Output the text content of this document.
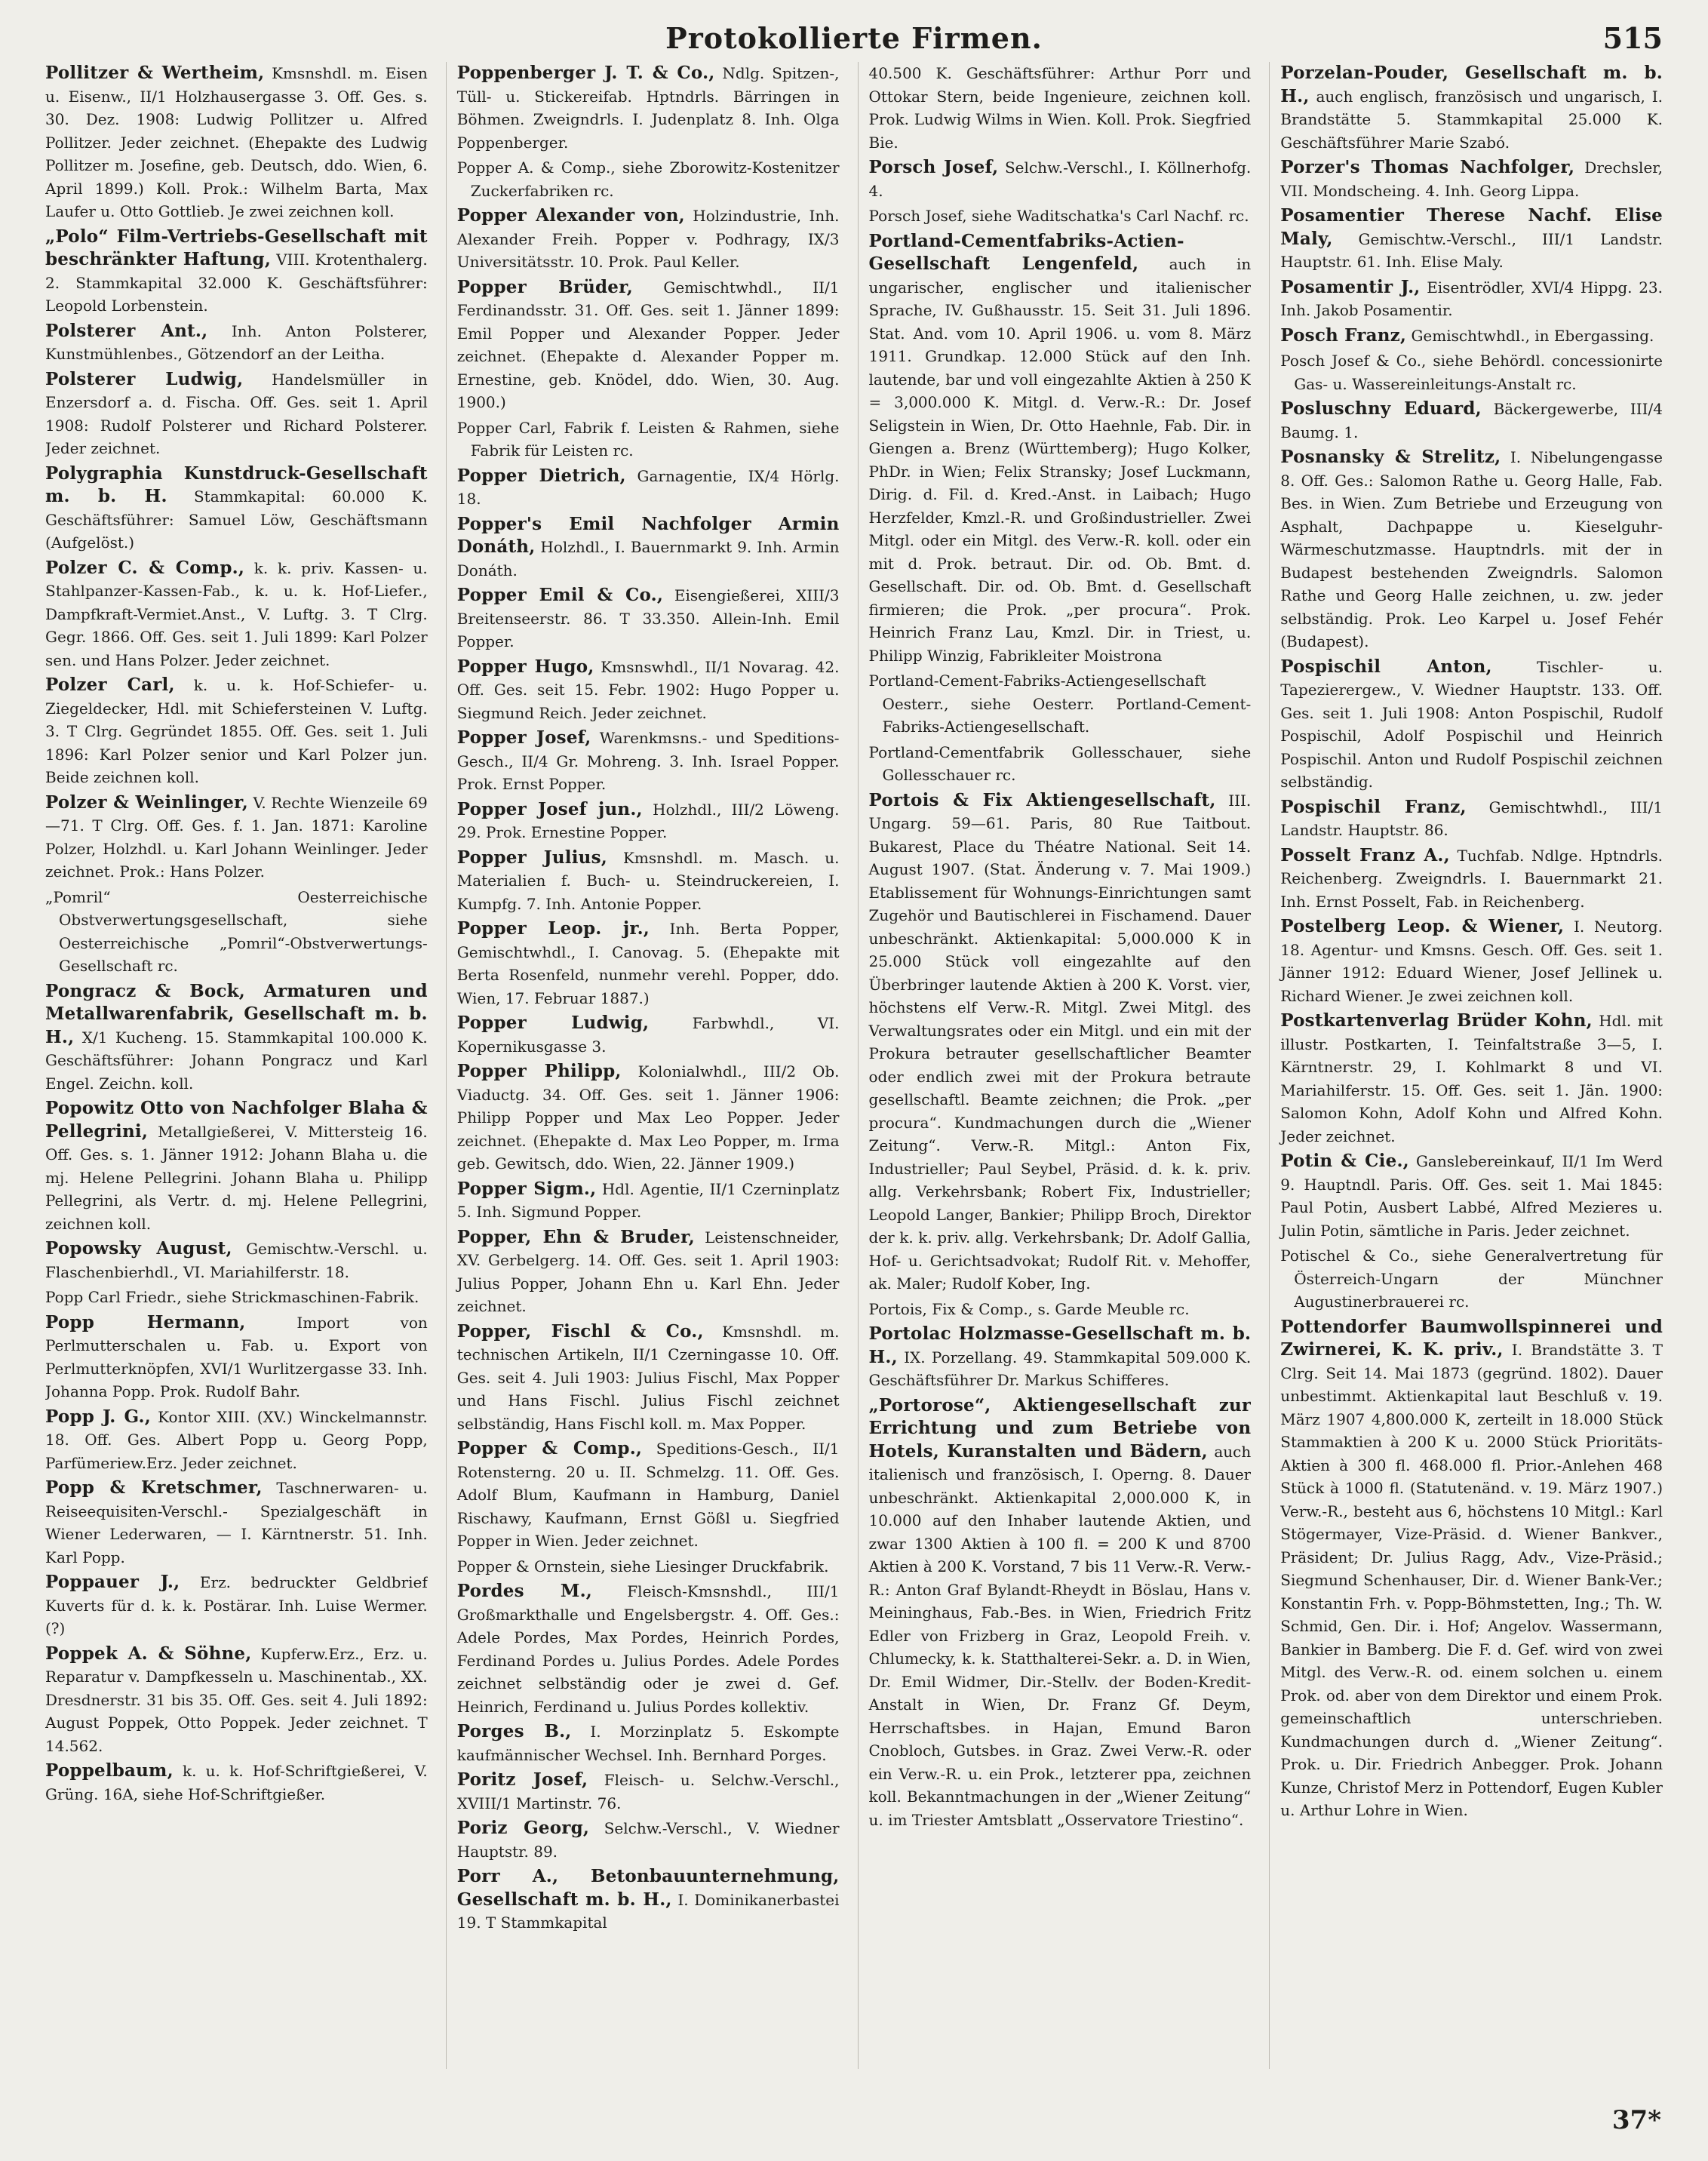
Protokollierte Firmen.	515

Pollitzer & Wertheim, Kmsnshdl. m. Eisen u. Eisenw., II/1 Holzhausergasse 3. Off. Ges. s. 30. Dez. 1908: Ludwig Pollitzer u. Alfred Pollitzer. Jeder zeichnet. (Ehepakte des Ludwig Pollitzer m. Josefine, geb. Deutsch, ddo. Wien, 6. April 1899.) Koll. Prok.: Wilhelm Barta, Max Laufer u. Otto Gottlieb. Je zwei zeichnen koll.

„Polo“ Film-Vertriebs-Gesellschaft mit beschränkter Haftung, VIII. Krotenthalerg. 2. Stammkapital 32.000 K. Geschäftsführer: Leopold Lorbenstein.

Polsterer Ant., Inh. Anton Polsterer, Kunstmühlenbes., Götzendorf an der Leitha.

Polsterer Ludwig, Handelsmüller in Enzersdorf a. d. Fischa. Off. Ges. seit 1. April 1908: Rudolf Polsterer und Richard Polsterer. Jeder zeichnet.

Polygraphia Kunstdruck-Gesellschaft m. b. H. Stammkapital: 60.000 K. Geschäftsführer: Samuel Löw, Geschäftsmann (Aufgelöst.)

Polzer C. & Comp., k. k. priv. Kassen- u. Stahlpanzer-Kassen-Fab., k. u. k. Hof-Liefer., Dampfkraft-Vermiet.Anst., V. Luftg. 3. T Clrg. Gegr. 1866. Off. Ges. seit 1. Juli 1899: Karl Polzer sen. und Hans Polzer. Jeder zeichnet.

Polzer Carl, k. u. k. Hof-Schiefer- u. Ziegeldecker, Hdl. mit Schiefersteinen V. Luftg. 3. T Clrg. Gegründet 1855. Off. Ges. seit 1. Juli 1896: Karl Polzer senior und Karl Polzer jun. Beide zeichnen koll.

Polzer & Weinlinger, V. Rechte Wienzeile 69—71. T Clrg. Off. Ges. f. 1. Jan. 1871: Karoline Polzer, Holzhdl. u. Karl Johann Weinlinger. Jeder zeichnet. Prok.: Hans Polzer.

„Pomril“ Oesterreichische Obstverwertungsgesellschaft, siehe Oesterreichische „Pomril“-Obstverwertungs-Gesellschaft rc.

Pongracz & Bock, Armaturen und Metallwarenfabrik, Gesellschaft m. b. H., X/1 Kucheng. 15. Stammkapital 100.000 K. Geschäftsführer: Johann Pongracz und Karl Engel. Zeichn. koll.

Popowitz Otto von Nachfolger Blaha & Pellegrini, Metallgießerei, V. Mittersteig 16. Off. Ges. s. 1. Jänner 1912: Johann Blaha u. die mj. Helene Pellegrini. Johann Blaha u. Philipp Pellegrini, als Vertr. d. mj. Helene Pellegrini, zeichnen koll.

Popowsky August, Gemischtw.-Verschl. u. Flaschenbierhdl., VI. Mariahilferstr. 18.

Popp Carl Friedr., siehe Strickmaschinen-Fabrik.

Popp Hermann,	Import von Perlmutterschalen u. Fab. u. Export von Perlmutterknöpfen, XVI/1 Wurlitzergasse 33. Inh. Johanna Popp. Prok. Rudolf Bahr.

Popp J. G., Kontor XIII. (XV.) Winckelmannstr. 18. Off. Ges. Albert Popp u. Georg Popp, Parfümeriew.Erz. Jeder zeichnet.

Popp & Kretschmer, Taschnerwaren- u. Reiseequisiten-Verschl.- Spezialgeschäft in Wiener Lederwaren, — I. Kärntnerstr. 51. Inh. Karl Popp.

Poppauer J., Erz. bedruckter Geldbrief Kuverts für d. k. k. Postärar. Inh. Luise Wermer. (?)

Poppek A. & Söhne, Kupferw.Erz., Erz. u. Reparatur v. Dampfkesseln u. Maschinentab., XX. Dresdnerstr. 31 bis 35. Off. Ges. seit 4. Juli 1892: August Poppek, Otto Poppek. Jeder zeichnet. T 14.562.

Poppelbaum, k. u. k. Hof-Schriftgießerei, V. Grüng. 16A, siehe Hof-Schriftgießer.

Poppenberger J. T. & Co., Ndlg. Spitzen-, Tüll- u. Stickereifab. Hptndrls. Bärringen in Böhmen. Zweigndrls. I. Judenplatz 8. Inh. Olga Poppenberger.

Popper A. & Comp., siehe Zborowitz-Kostenitzer Zuckerfabriken rc.

Popper Alexander von, Holzindustrie, Inh. Alexander Freih. Popper v. Podhragy, IX/3 Universitätsstr. 10. Prok. Paul Keller.

Popper Brüder, Gemischtwhdl., II/1 Ferdinandsstr. 31. Off. Ges. seit 1. Jänner 1899: Emil Popper und Alexander Popper. Jeder zeichnet. (Ehepakte d. Alexander Popper m. Ernestine, geb. Knödel, ddo. Wien, 30. Aug. 1900.)

Popper Carl, Fabrik f. Leisten & Rahmen, siehe Fabrik für Leisten rc.

Popper Dietrich, Garnagentie, IX/4 Hörlg. 18.

Popper's Emil Nachfolger Armin Donáth, Holzhdl., I. Bauernmarkt 9. Inh. Armin Donáth.

Popper Emil & Co., Eisengießerei, XIII/3 Breitenseerstr. 86. T 33.350. Allein-Inh. Emil Popper.

Popper Hugo, Kmsnswhdl., II/1 Novarag. 42. Off. Ges. seit 15. Febr. 1902: Hugo Popper u. Siegmund Reich. Jeder zeichnet.

Popper Josef, Warenkmsns.- und Speditions-Gesch., II/4 Gr. Mohreng. 3. Inh. Israel Popper. Prok. Ernst Popper.

Popper Josef jun., Holzhdl., III/2 Löweng. 29. Prok. Ernestine Popper.

Popper Julius, Kmsnshdl. m. Masch. u. Materialien f. Buch- u. Steindruckereien, I. Kumpfg. 7. Inh. Antonie Popper.

Popper Leop. jr., Inh. Berta Popper, Gemischtwhdl., I. Canovag. 5. (Ehepakte mit Berta Rosenfeld, nunmehr verehl. Popper, ddo. Wien, 17. Februar 1887.)

Popper Ludwig,	Farbwhdl., VI. Kopernikusgasse 3.

Popper Philipp, Kolonialwhdl., III/2 Ob. Viaductg. 34. Off. Ges. seit 1. Jänner 1906: Philipp Popper und Max Leo Popper. Jeder zeichnet. (Ehepakte d. Max Leo Popper, m. Irma geb. Gewitsch, ddo. Wien, 22. Jänner 1909.)

Popper Sigm., Hdl. Agentie, II/1 Czerninplatz 5. Inh. Sigmund Popper.

Popper, Ehn & Bruder, Leistenschneider, XV. Gerbelgerg. 14. Off. Ges. seit 1. April 1903: Julius Popper, Johann Ehn u. Karl Ehn. Jeder zeichnet.

Popper, Fischl & Co., Kmsnshdl. m. technischen Artikeln, II/1 Czerningasse 10. Off. Ges. seit 4. Juli 1903: Julius Fischl, Max Popper und Hans Fischl. Julius Fischl zeichnet selbständig, Hans Fischl koll. m. Max Popper.

Popper & Comp., Speditions-Gesch., II/1 Rotensterng. 20 u. II. Schmelzg. 11. Off. Ges. Adolf Blum, Kaufmann in Hamburg, Daniel Rischawy, Kaufmann, Ernst Gößl u. Siegfried Popper in Wien. Jeder zeichnet.

Popper & Ornstein, siehe Liesinger Druckfabrik.

Pordes M., Fleisch-Kmsnshdl., III/1 Großmarkthalle und Engelsbergstr. 4. Off. Ges.: Adele Pordes, Max Pordes, Heinrich Pordes, Ferdinand Pordes u. Julius Pordes. Adele Pordes zeichnet selbständig oder je zwei d. Gef. Heinrich, Ferdinand u. Julius Pordes kollektiv.

Porges B., I. Morzinplatz 5. Eskompte kaufmännischer Wechsel. Inh. Bernhard Porges.

Poritz Josef, Fleisch- u. Selchw.-Verschl., XVIII/1 Martinstr. 76.

Poriz Georg, Selchw.-Verschl., V. Wiedner Hauptstr. 89.

Porr A., Betonbauunternehmung, Gesellschaft m. b. H., I. Dominikanerbastei 19. T Stammkapital

40.500 K. Geschäftsführer: Arthur Porr und Ottokar Stern, beide Ingenieure, zeichnen koll. Prok. Ludwig Wilms in Wien. Koll. Prok. Siegfried Bie.

Porsch Josef, Selchw.-Verschl., I. Köllnerhofg. 4.

Porsch Josef, siehe Waditschatka's Carl Nachf. rc.

Portland-Cementfabriks-Actien-Gesellschaft Lengenfeld, auch in ungarischer, englischer und italienischer Sprache, IV. Gußhausstr. 15. Seit 31. Juli 1896. Stat. And. vom 10. April 1906. u. vom 8. März 1911. Grundkap. 12.000 Stück auf den Inh. lautende, bar und voll eingezahlte Aktien à 250 K = 3,000.000 K. Mitgl. d. Verw.-R.: Dr. Josef Seligstein in Wien, Dr. Otto Haehnle, Fab. Dir. in Giengen a. Brenz (Württemberg); Hugo Kolker, PhDr. in Wien; Felix Stransky; Josef Luckmann, Dirig. d. Fil. d. Kred.-Anst. in Laibach; Hugo Herzfelder, Kmzl.-R. und Großindustrieller. Zwei Mitgl. oder ein Mitgl. des Verw.-R. koll. oder ein mit d. Prok. betraut. Dir. od. Ob. Bmt. d. Gesellschaft. Dir. od. Ob. Bmt. d. Gesellschaft firmieren; die Prok. „per procura“. Prok. Heinrich Franz Lau, Kmzl. Dir. in Triest, u. Philipp Winzig, Fabrikleiter Moistrona

Portland-Cement-Fabriks-Actiengesellschaft Oesterr., siehe Oesterr. Portland-Cement-Fabriks-Actiengesellschaft.

Portland-Cementfabrik Gollesschauer, siehe Gollesschauer rc.

Portois & Fix Aktiengesellschaft, III. Ungarg. 59—61. Paris, 80 Rue Taitbout. Bukarest, Place du Théatre National. Seit 14. August 1907. (Stat. Änderung v. 7. Mai 1909.) Etablissement für Wohnungs-Einrichtungen samt Zugehör und Bautischlerei in Fischamend. Dauer unbeschränkt. Aktienkapital: 5,000.000 K in 25.000 Stück voll eingezahlte auf den Überbringer lautende Aktien à 200 K. Vorst. vier, höchstens elf Verw.-R. Mitgl. Zwei Mitgl. des Verwaltungsrates oder ein Mitgl. und ein mit der Prokura betrauter gesellschaftlicher Beamter oder endlich zwei mit der Prokura betraute gesellschaftl. Beamte zeichnen; die Prok. „per procura“. Kundmachungen durch die „Wiener Zeitung“. Verw.-R. Mitgl.: Anton Fix, Industrieller; Paul Seybel, Präsid. d. k. k. priv. allg. Verkehrsbank; Robert Fix, Industrieller; Leopold Langer, Bankier; Philipp Broch, Direktor der k. k. priv. allg. Verkehrsbank; Dr. Adolf Gallia, Hof- u. Gerichtsadvokat; Rudolf Rit. v. Mehoffer, ak. Maler; Rudolf Kober, Ing.

Portois, Fix & Comp., s. Garde Meuble rc.

Portolac Holzmasse-Gesellschaft m. b. H., IX. Porzellang. 49. Stammkapital 509.000 K. Geschäftsführer Dr. Markus Schifferes.

„Portorose“, Aktiengesellschaft zur Errichtung und zum Betriebe von Hotels, Kuranstalten und Bädern, auch italienisch und französisch, I. Operng. 8. Dauer unbeschränkt. Aktienkapital 2,000.000 K, in 10.000 auf den Inhaber lautende Aktien, und zwar 1300 Aktien à 100 fl. = 200 K und 8700 Aktien à 200 K. Vorstand, 7 bis 11 Verw.-R. Verw.-R.: Anton Graf Bylandt-Rheydt in Böslau, Hans v. Meininghaus, Fab.-Bes. in Wien, Friedrich Fritz Edler von Frizberg in Graz, Leopold Freih. v. Chlumecky, k. k. Statthalterei-Sekr. a. D. in Wien, Dr. Emil Widmer, Dir.-Stellv. der Boden-Kredit-Anstalt in Wien, Dr. Franz Gf. Deym, Herrschaftsbes. in Hajan, Emund Baron Cnobloch, Gutsbes. in Graz. Zwei Verw.-R. oder ein Verw.-R. u. ein Prok., letzterer ppa, zeichnen koll. Bekanntmachungen in der „Wiener Zeitung“ u. im Triester Amtsblatt „Osservatore Triestino“.

Porzelan-Pouder, Gesellschaft m. b. H., auch englisch, französisch und ungarisch, I. Brandstätte 5. Stammkapital 25.000 K. Geschäftsführer Marie Szabó.

Porzer's Thomas Nachfolger, Drechsler, VII. Mondscheing. 4. Inh. Georg Lippa.

Posamentier Therese Nachf. Elise Maly, Gemischtw.-Verschl., III/1 Landstr. Hauptstr. 61. Inh. Elise Maly.

Posamentir J., Eisentrödler, XVI/4 Hippg. 23. Inh. Jakob Posamentir.

Posch Franz, Gemischtwhdl., in Ebergassing.

Posch Josef & Co., siehe Behördl. concessionirte Gas- u. Wassereinleitungs-Anstalt rc.

Posluschny Eduard, Bäckergewerbe, III/4 Baumg. 1.

Posnansky & Strelitz, I. Nibelungengasse 8. Off. Ges.: Salomon Rathe u. Georg Halle, Fab. Bes. in Wien. Zum Betriebe und Erzeugung von Asphalt, Dachpappe u. Kieselguhr-Wärmeschutzmasse. Hauptndrls. mit der in Budapest bestehenden Zweigndrls. Salomon Rathe und Georg Halle zeichnen, u. zw. jeder selbständig. Prok. Leo Karpel u. Josef Fehér (Budapest).

Pospischil Anton,	Tischler- u. Tapezierergew., V. Wiedner Hauptstr. 133. Off. Ges. seit 1. Juli 1908: Anton Pospischil, Rudolf Pospischil, Adolf Pospischil und Heinrich Pospischil. Anton und Rudolf Pospischil zeichnen selbständig.

Pospischil Franz, Gemischtwhdl., III/1 Landstr. Hauptstr. 86.

Posselt Franz A., Tuchfab. Ndlge. Hptndrls. Reichenberg. Zweigndrls. I. Bauernmarkt 21. Inh. Ernst Posselt, Fab. in Reichenberg.

Postelberg Leop. & Wiener, I. Neutorg. 18. Agentur- und Kmsns. Gesch. Off. Ges. seit 1. Jänner 1912: Eduard Wiener, Josef Jellinek u. Richard Wiener. Je zwei zeichnen koll.

Postkartenverlag Brüder Kohn, Hdl. mit illustr. Postkarten, I. Teinfaltstraße 3—5, I. Kärntnerstr. 29, I. Kohlmarkt 8 und VI. Mariahilferstr. 15. Off. Ges. seit 1. Jän. 1900: Salomon Kohn, Adolf Kohn und Alfred Kohn. Jeder zeichnet.

Potin & Cie., Ganslebereinkauf, II/1 Im Werd 9. Hauptndl. Paris. Off. Ges. seit 1. Mai 1845: Paul Potin, Ausbert Labbé, Alfred Mezieres u. Julin Potin, sämtliche in Paris. Jeder zeichnet.

Potischel & Co., siehe Generalvertretung für Österreich-Ungarn der Münchner Augustinerbrauerei rc.

Pottendorfer Baumwollspinnerei und Zwirnerei, K. K. priv., I. Brandstätte 3. T Clrg. Seit 14. Mai 1873 (gegründ. 1802). Dauer unbestimmt. Aktienkapital laut Beschluß v. 19. März 1907 4,800.000 K, zerteilt in 18.000 Stück Stammaktien à 200 K u. 2000 Stück Prioritäts-Aktien à 300 fl. 468.000 fl. Prior.-Anlehen 468 Stück à 1000 fl. (Statutenänd. v. 19. März 1907.) Verw.-R., besteht aus 6, höchstens 10 Mitgl.: Karl Stögermayer, Vize-Präsid. d. Wiener Bankver., Präsident; Dr. Julius Ragg, Adv., Vize-Präsid.; Siegmund Schenhauser, Dir. d. Wiener Bank-Ver.; Konstantin Frh. v. Popp-Böhmstetten, Ing.; Th. W. Schmid, Gen. Dir. i. Hof; Angelov. Wassermann, Bankier in Bamberg. Die F. d. Gef. wird von zwei Mitgl. des Verw.-R. od. einem solchen u. einem Prok. od. aber von dem Direktor und einem Prok. gemeinschaftlich unterschrieben. Kundmachungen durch d. „Wiener Zeitung“. Prok. u. Dir. Friedrich Anbegger. Prok. Johann Kunze, Christof Merz in Pottendorf, Eugen Kubler u. Arthur Lohre in Wien.

37*
